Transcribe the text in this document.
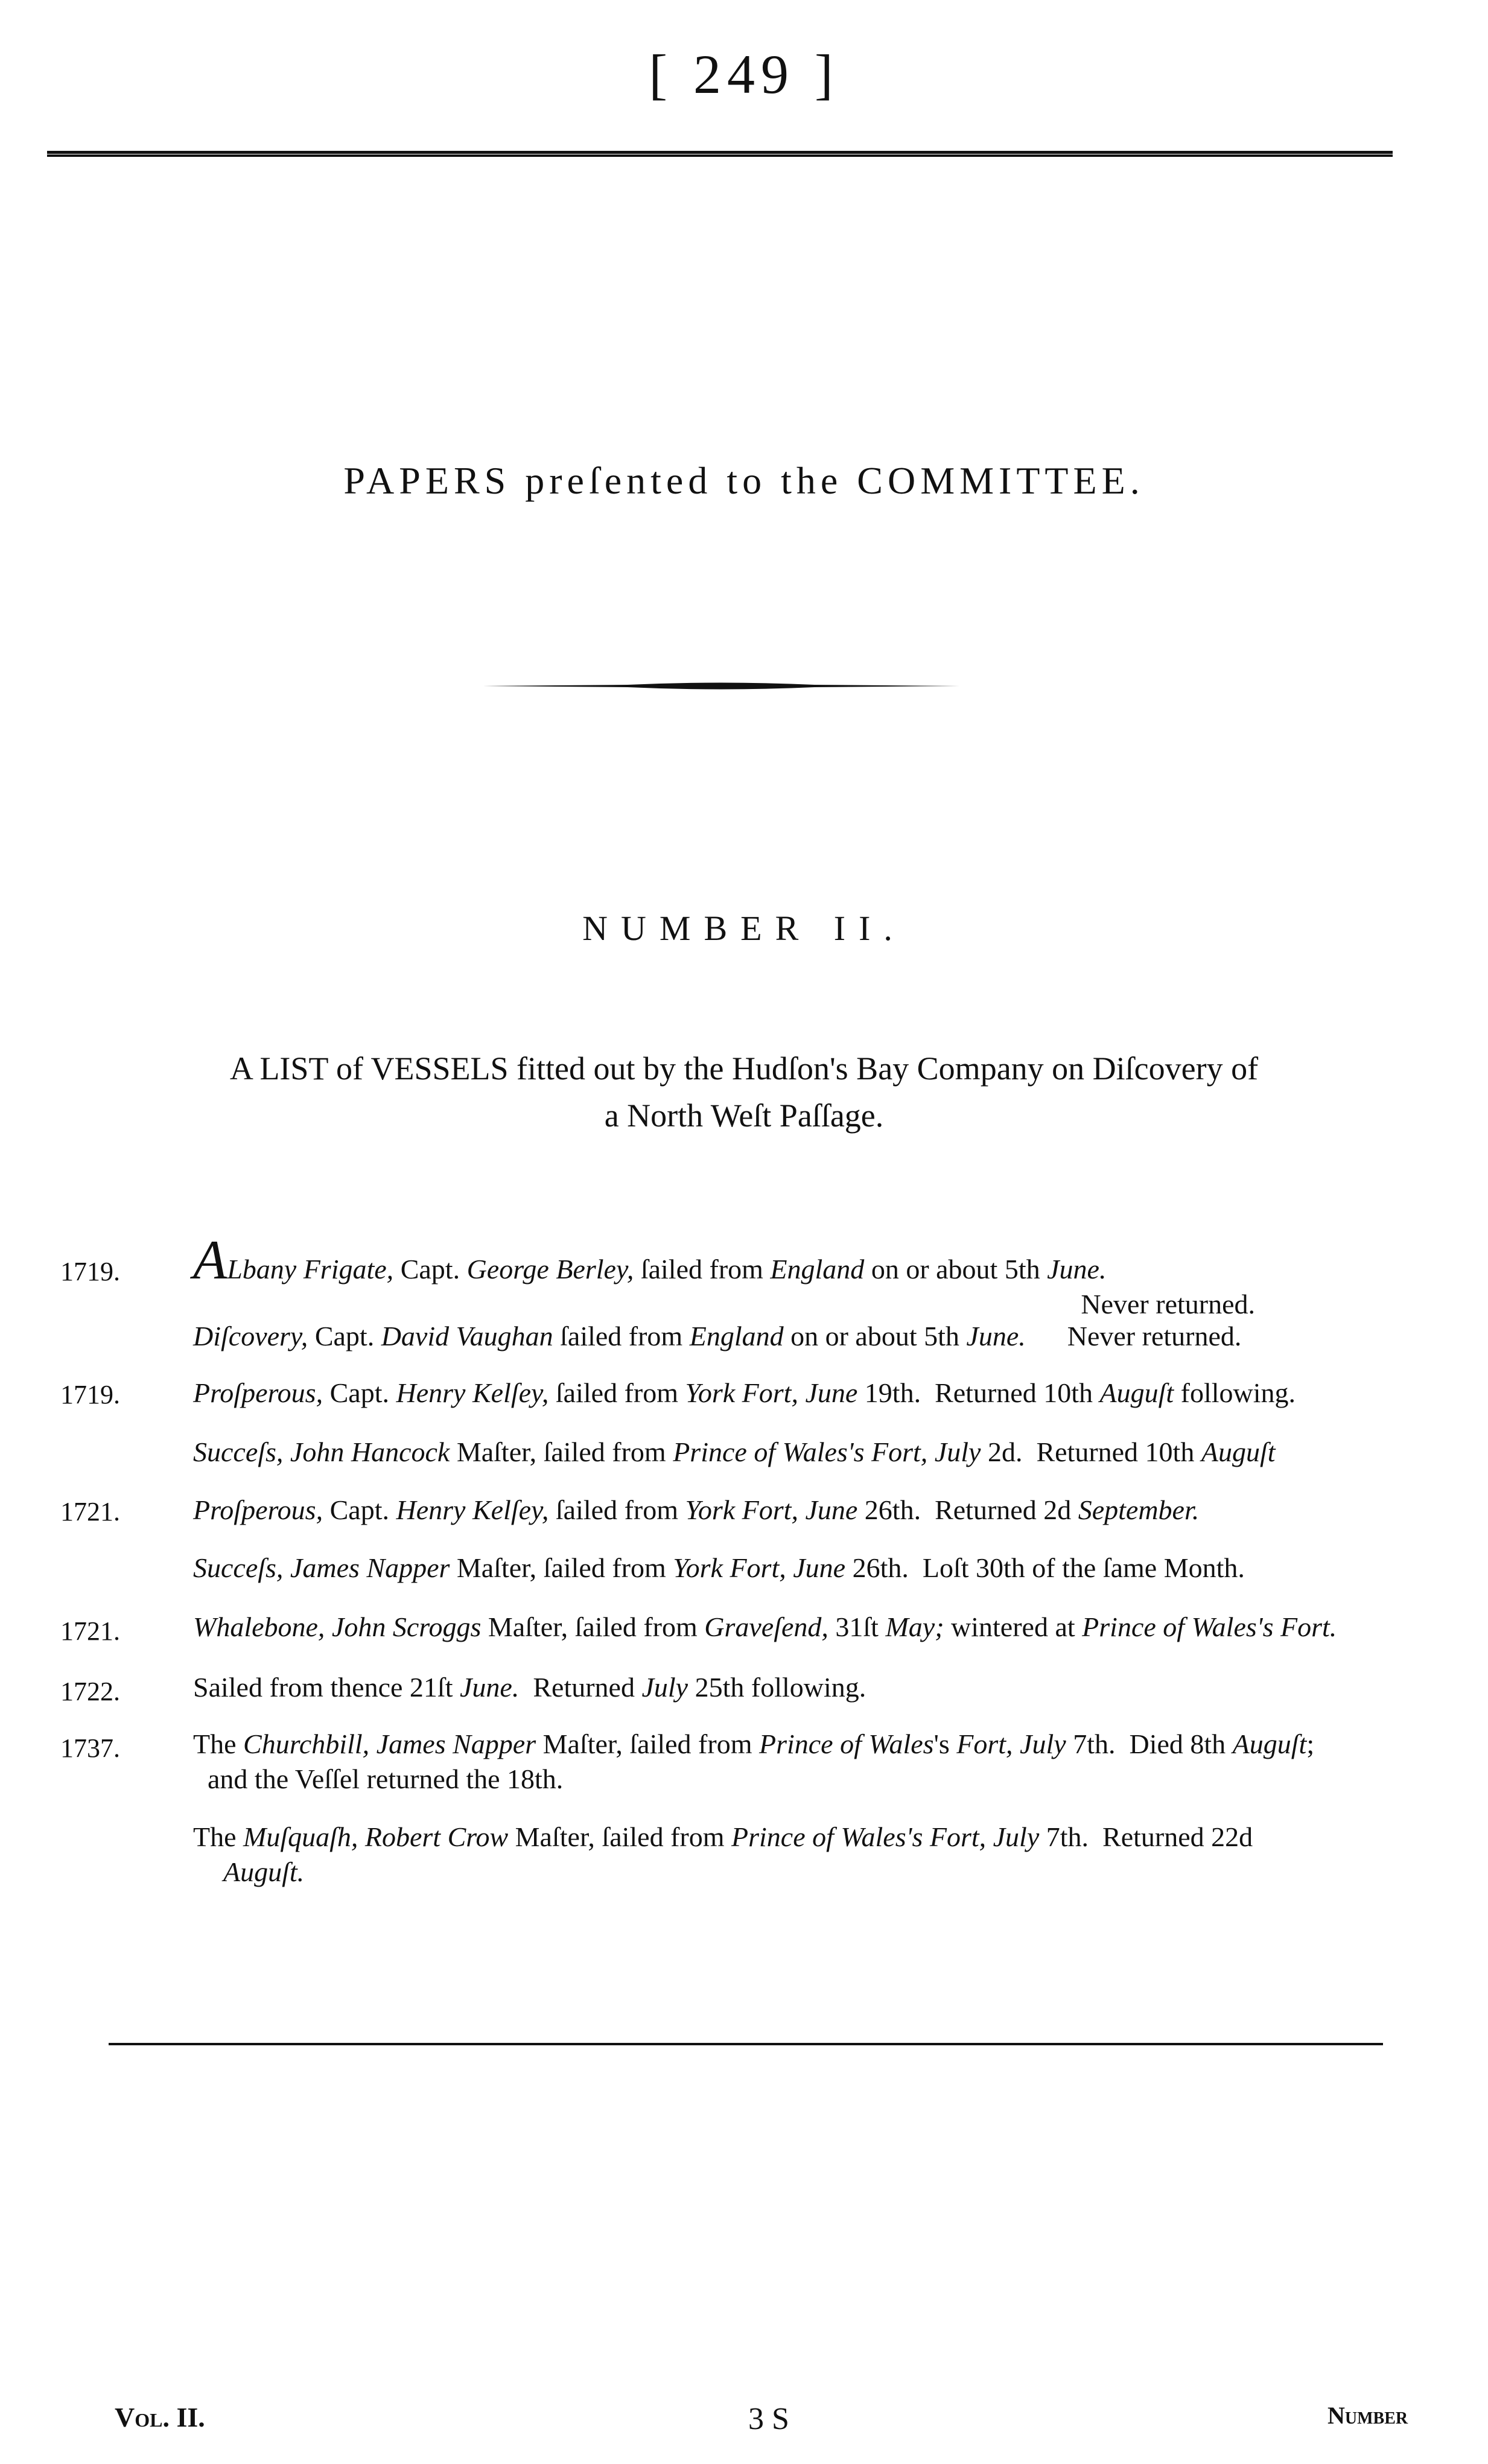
[ 249 ]
PAPERS preſented to the COMMITTEE.
NUMBER II.
A LIST of VESSELS fitted out by the Hudſon's Bay Company on Diſcovery of
a North Weſt Paſſage.
1719.	ALbany Frigate, Capt. George Berley, ſailed from England on or about 5th June.
Never returned.
Diſcovery, Capt. David Vaughan ſailed from England on or about 5th June.      Never returned.
1719.	Proſperous, Capt. Henry Kelſey, ſailed from York Fort, June 19th.  Returned 10th Auguſt following.
Succeſs, John Hancock Maſter, ſailed from Prince of Wales's Fort, July 2d.  Returned 10th Auguſt
1721.	Proſperous, Capt. Henry Kelſey, ſailed from York Fort, June 26th.  Returned 2d September.
Succeſs, James Napper Maſter, ſailed from York Fort, June 26th.  Loſt 30th of the ſame Month.
1721.	Whalebone, John Scroggs Maſter, ſailed from Graveſend, 31ſt May; wintered at Prince of Wales's Fort.
1722.	Sailed from thence 21ſt June.  Returned July 25th following.
1737.	The Churchbill, James Napper Maſter, ſailed from Prince of Wales's Fort, July 7th.  Died 8th Auguſt;
and the Veſſel returned the 18th.
The Muſquaſh, Robert Crow Maſter, ſailed from Prince of Wales's Fort, July 7th.  Returned 22d
Auguſt.
Vol. II.	3 S	Number
